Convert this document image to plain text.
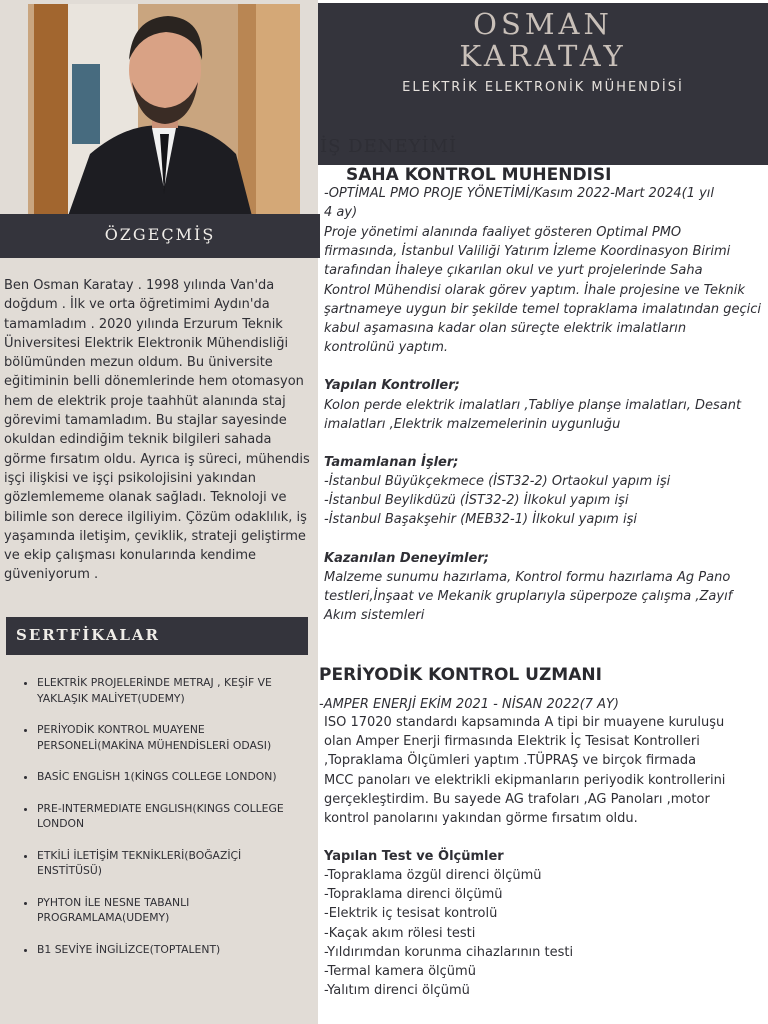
ÖZGEÇMİŞ
Ben Osman Karatay . 1998 yılında Van'da doğdum . İlk ve orta öğretimimi Aydın'da tamamladım . 2020 yılında Erzurum Teknik Üniversitesi Elektrik Elektronik Mühendisliği bölümünden mezun oldum. Bu üniversite eğitiminin belli dönemlerinde hem otomasyon hem de elektrik proje taahhüt alanında staj görevimi tamamladım. Bu stajlar sayesinde okuldan edindiğim teknik bilgileri sahada görme fırsatım oldu. Ayrıca iş süreci, mühendis işçi ilişkisi ve işçi psikolojisini yakından gözlemlememe olanak sağladı. Teknoloji ve bilimle son derece ilgiliyim. Çözüm odaklılık, iş yaşamında iletişim, çeviklik, strateji geliştirme ve ekip çalışması konularında kendime güveniyorum .
SERTFİKALAR
• ELEKTRİK PROJELERİNDE METRAJ , KEŞİF VE YAKLAŞIK MALİYET(UDEMY)
• PERİYODİK KONTROL MUAYENE PERSONELİ(MAKİNA MÜHENDİSLERİ ODASI)
• BASİC ENGLİSH 1(KİNGS COLLEGE LONDON)
• PRE-INTERMEDIATE ENGLISH(KINGS COLLEGE LONDON
• ETKİLİ İLETİŞİM TEKNİKLERİ(BOĞAZİÇİ ENSTİTÜSÜ)
• PYHTON İLE NESNE TABANLI PROGRAMLAMA(UDEMY)
• B1 SEVİYE İNGİLİZCE(TOPTALENT)
OSMAN
KARATAY
ELEKTRİK ELEKTRONİK MÜHENDİSİ
İŞ DENEYİMİ
SAHA KONTROL MUHENDISI
-OPTİMAL PMO PROJE YÖNETİMİ/Kasım 2022-Mart 2024(1 yıl
4 ay)
Proje yönetimi alanında faaliyet gösteren Optimal PMO
firmasında, İstanbul Valiliği Yatırım İzleme Koordinasyon Birimi
tarafından İhaleye çıkarılan okul ve yurt projelerinde Saha
Kontrol Mühendisi olarak görev yaptım. İhale projesine ve Teknik
şartnameye uygun bir şekilde temel topraklama imalatından geçici
kabul aşamasına kadar olan süreçte elektrik imalatların
kontrolünü yaptım.
Yapılan Kontroller;
Kolon perde elektrik imalatları ,Tabliye planşe imalatları, Desant
imalatları ,Elektrik malzemelerinin uygunluğu
Tamamlanan İşler;
-İstanbul Büyükçekmece (İST32-2) Ortaokul yapım işi
-İstanbul Beylikdüzü (İST32-2) İlkokul yapım işi
-İstanbul Başakşehir (MEB32-1) İlkokul yapım işi
Kazanılan Deneyimler;
Malzeme sunumu hazırlama, Kontrol formu hazırlama Ag Pano
testleri,İnşaat ve Mekanik gruplarıyla süperpoze çalışma ,Zayıf
Akım sistemleri
PERİYODİK KONTROL UZMANI
-AMPER ENERJİ EKİM 2021 - NİSAN 2022(7 AY)
ISO 17020 standardı kapsamında A tipi bir muayene kuruluşu
olan Amper Enerji firmasında Elektrik İç Tesisat Kontrolleri
,Topraklama Ölçümleri yaptım .TÜPRAŞ ve birçok firmada
MCC panoları ve elektrikli ekipmanların periyodik kontrollerini
gerçekleştirdim. Bu sayede AG trafoları ,AG Panoları ,motor
kontrol panolarını yakından görme fırsatım oldu.
Yapılan Test ve Ölçümler
-Topraklama özgül direnci ölçümü
-Topraklama direnci ölçümü
-Elektrik iç tesisat kontrolü
-Kaçak akım rölesi testi
-Yıldırımdan korunma cihazlarının testi
-Termal kamera ölçümü
-Yalıtım direnci ölçümü
